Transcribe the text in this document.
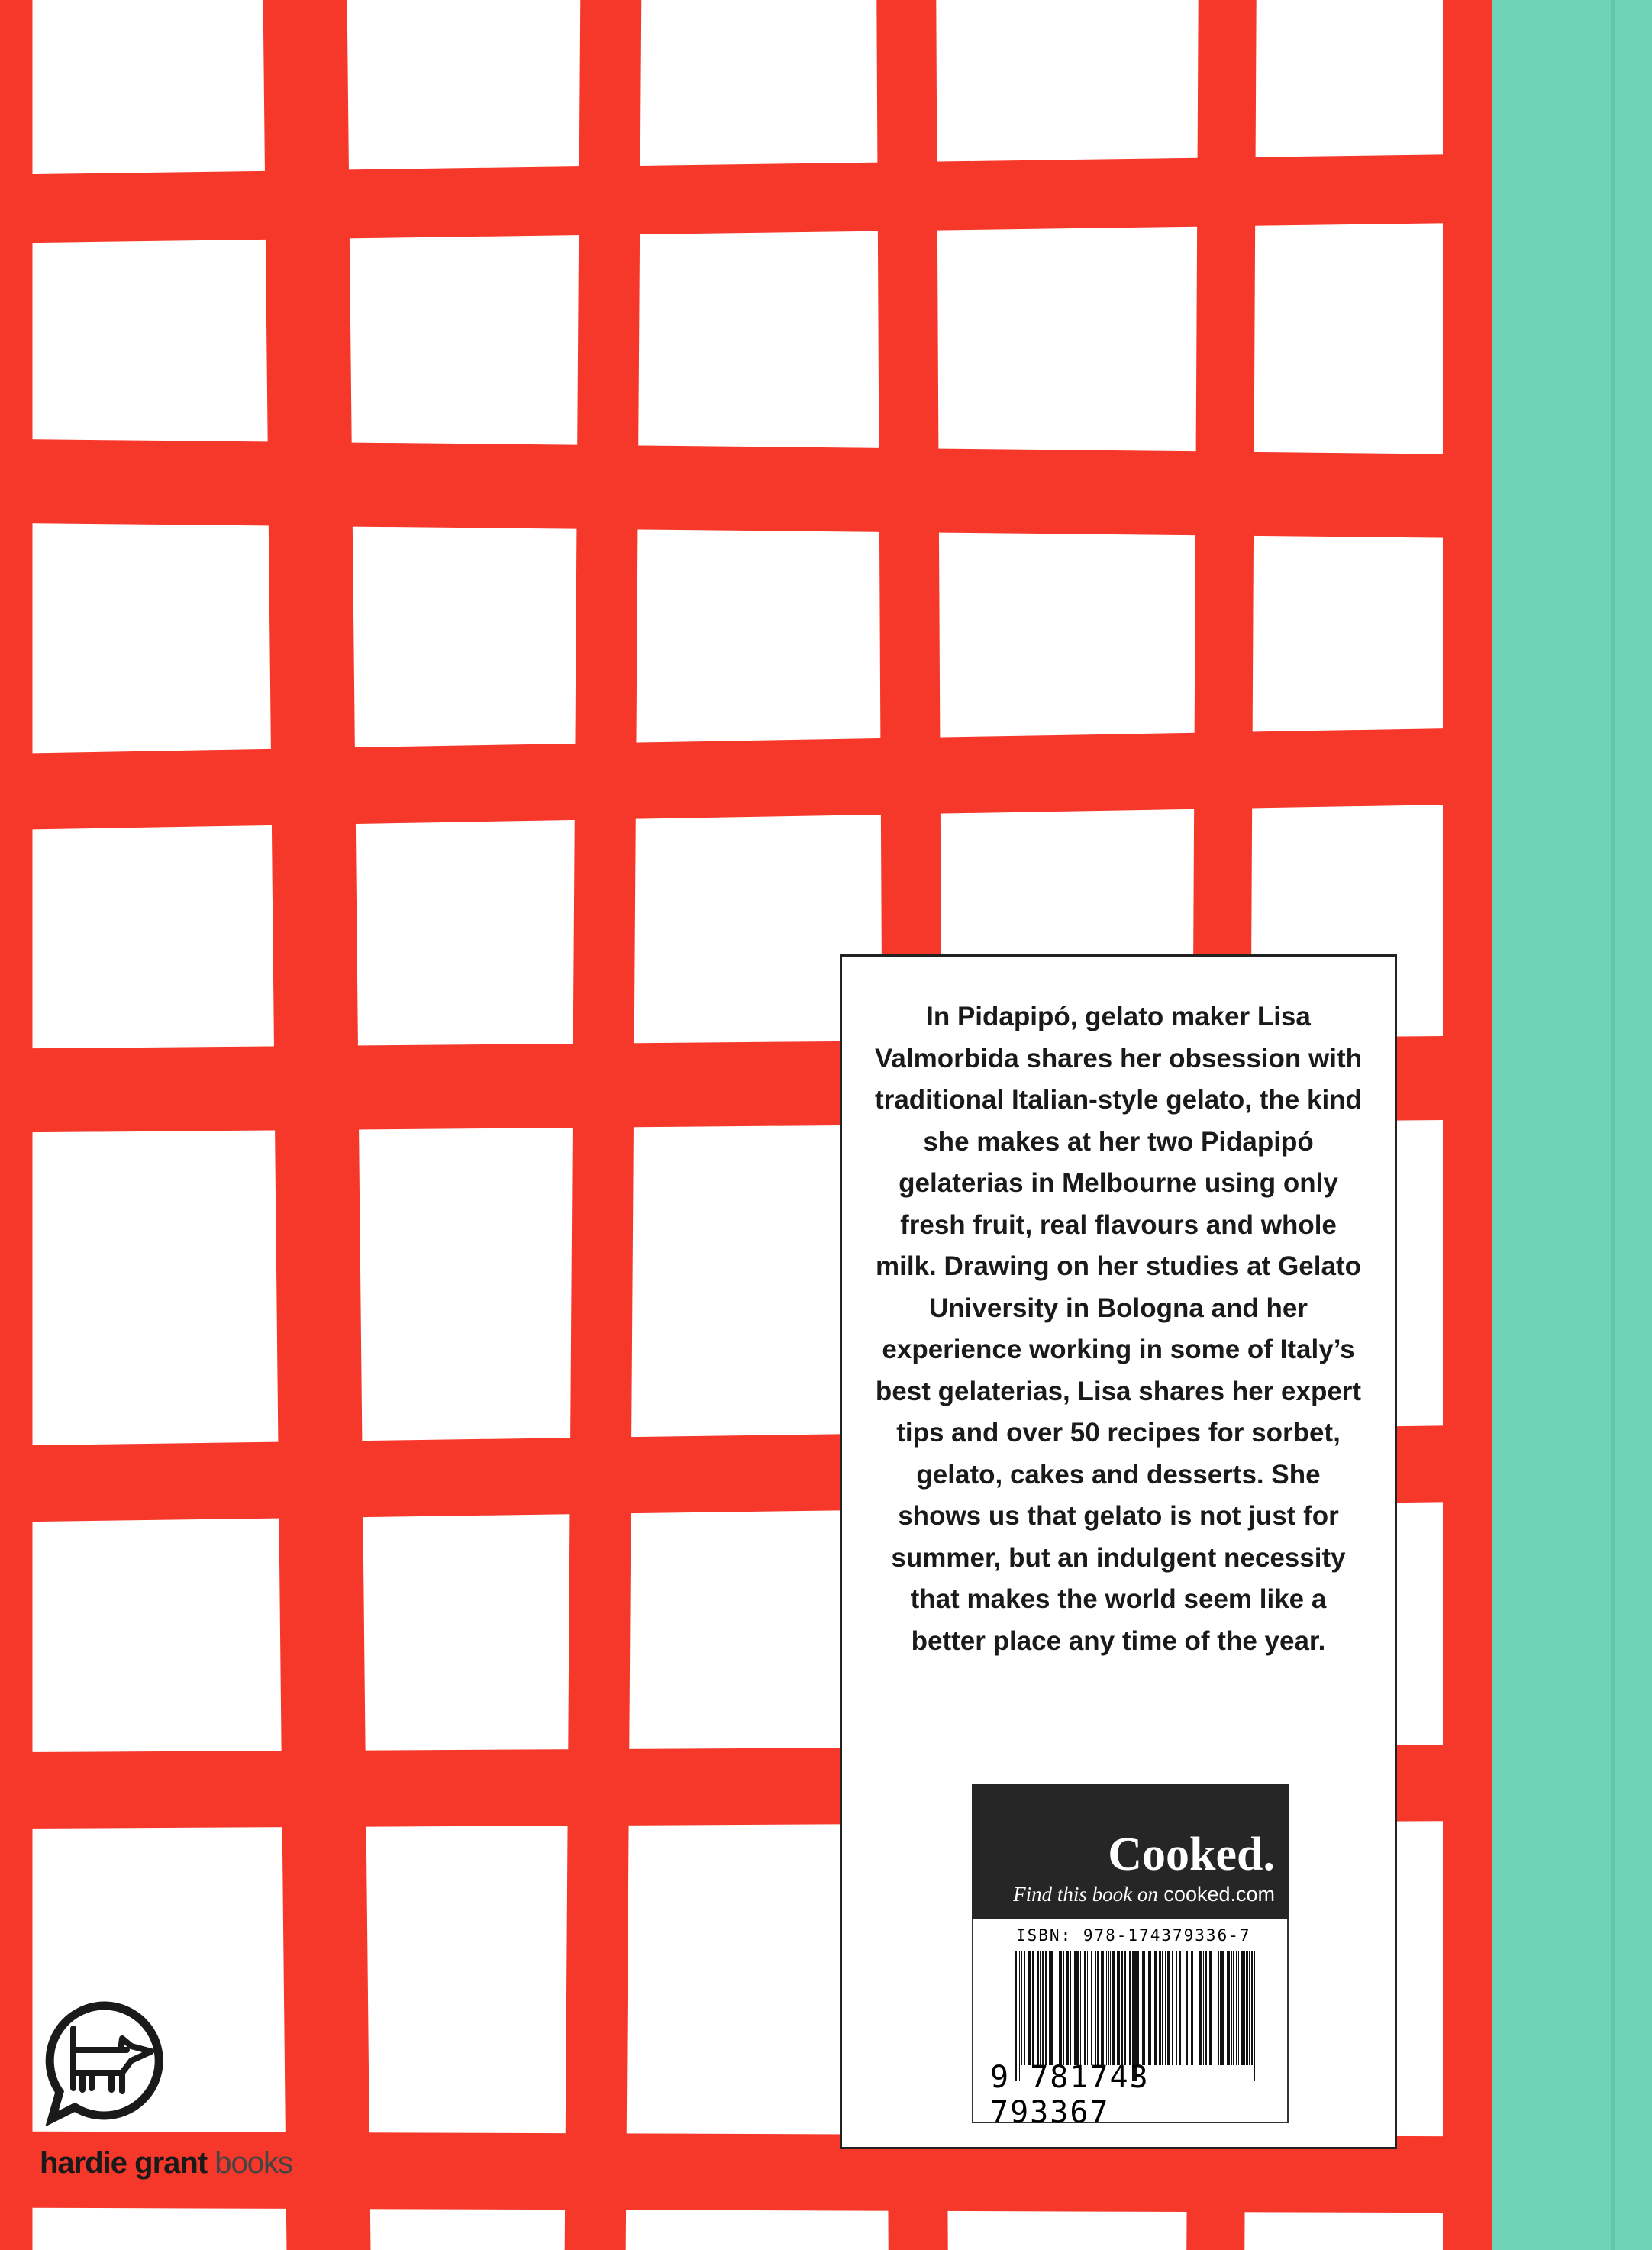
In Pidapipó, gelato maker Lisa Valmorbida shares her obsession with traditional Italian-style gelato, the kind she makes at her two Pidapipó gelaterias in Melbourne using only fresh fruit, real flavours and whole milk. Drawing on her studies at Gelato University in Bologna and her experience working in some of Italy’s best gelaterias, Lisa shares her expert tips and over 50 recipes for sorbet, gelato, cakes and desserts. She shows us that gelato is not just for summer, but an indulgent necessity that makes the world seem like a better place any time of the year.

Cooked.
Find this book on cooked.com
ISBN: 978-174379336-7
9 781743 793367
hardie grant books
